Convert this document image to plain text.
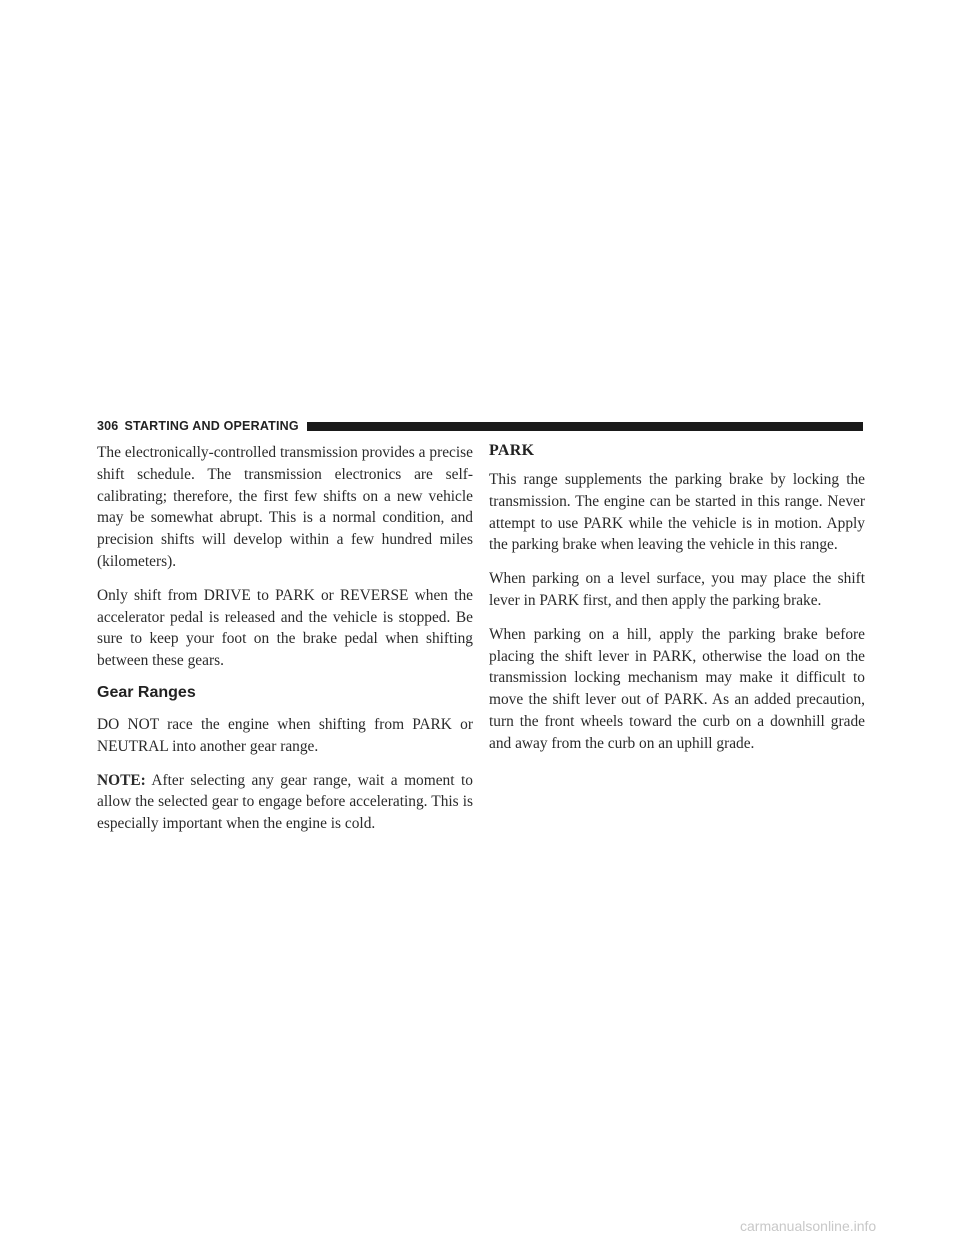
306 STARTING AND OPERATING

The electronically-controlled transmission provides a precise shift schedule. The transmission electronics are self-calibrating; therefore, the first few shifts on a new vehicle may be somewhat abrupt. This is a normal condition, and precision shifts will develop within a few hundred miles (kilometers).

Only shift from DRIVE to PARK or REVERSE when the accelerator pedal is released and the vehicle is stopped. Be sure to keep your foot on the brake pedal when shifting between these gears.

Gear Ranges

DO NOT race the engine when shifting from PARK or NEUTRAL into another gear range.

NOTE: After selecting any gear range, wait a moment to allow the selected gear to engage before accelerating. This is especially important when the engine is cold.

PARK

This range supplements the parking brake by locking the transmission. The engine can be started in this range. Never attempt to use PARK while the vehicle is in motion. Apply the parking brake when leaving the vehicle in this range.

When parking on a level surface, you may place the shift lever in PARK first, and then apply the parking brake.

When parking on a hill, apply the parking brake before placing the shift lever in PARK, otherwise the load on the transmission locking mechanism may make it difficult to move the shift lever out of PARK. As an added precaution, turn the front wheels toward the curb on a downhill grade and away from the curb on an uphill grade.

carmanualsonline.info
